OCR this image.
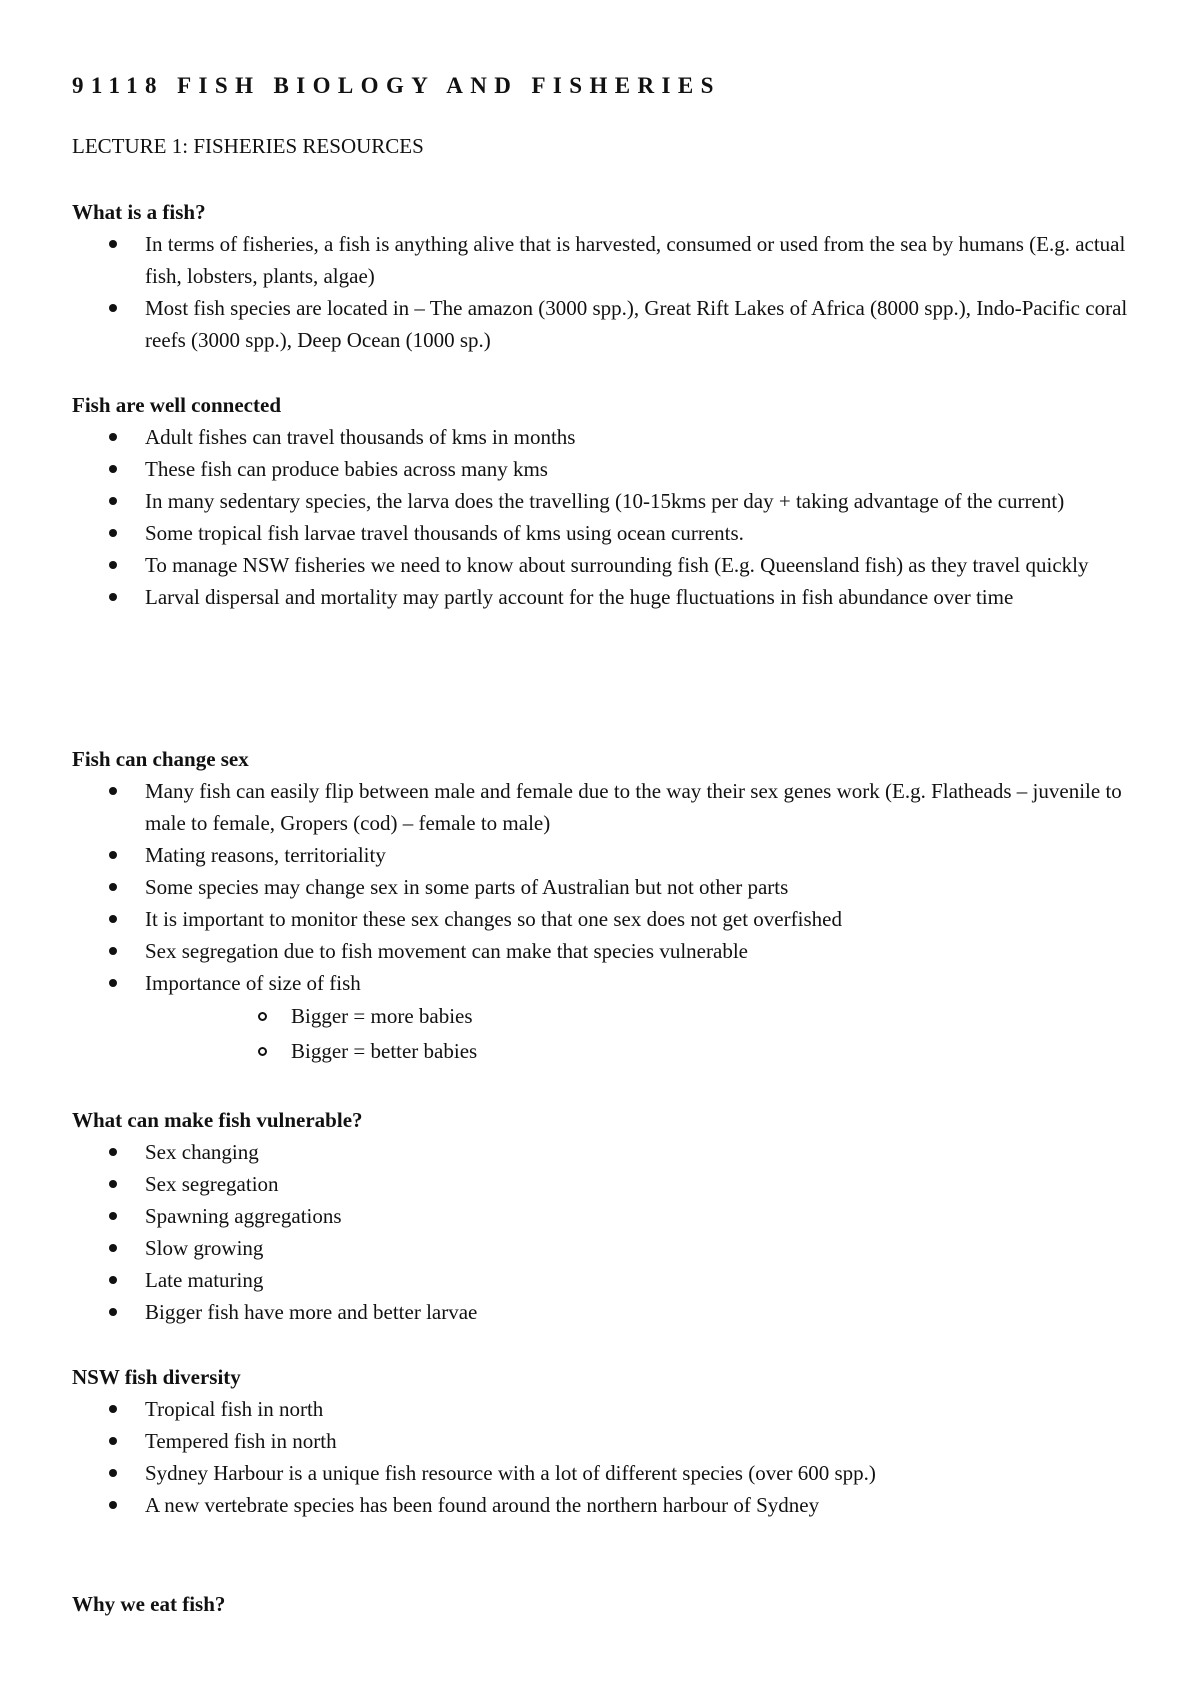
91118 FISH BIOLOGY AND FISHERIES
LECTURE 1: FISHERIES RESOURCES
What is a fish?
In terms of fisheries, a fish is anything alive that is harvested, consumed or used from the sea by humans (E.g. actual fish, lobsters, plants, algae)
Most fish species are located in – The amazon (3000 spp.), Great Rift Lakes of Africa (8000 spp.), Indo-Pacific coral reefs (3000 spp.), Deep Ocean (1000 sp.)
Fish are well connected
Adult fishes can travel thousands of kms in months
These fish can produce babies across many kms
In many sedentary species, the larva does the travelling (10-15kms per day + taking advantage of the current)
Some tropical fish larvae travel thousands of kms using ocean currents.
To manage NSW fisheries we need to know about surrounding fish (E.g. Queensland fish) as they travel quickly
Larval dispersal and mortality may partly account for the huge fluctuations in fish abundance over time
Fish can change sex
Many fish can easily flip between male and female due to the way their sex genes work (E.g. Flatheads – juvenile to male to female, Gropers (cod) – female to male)
Mating reasons, territoriality
Some species may change sex in some parts of Australian but not other parts
It is important to monitor these sex changes so that one sex does not get overfished
Sex segregation due to fish movement can make that species vulnerable
Importance of size of fish
Bigger = more babies
Bigger = better babies
What can make fish vulnerable?
Sex changing
Sex segregation
Spawning aggregations
Slow growing
Late maturing
Bigger fish have more and better larvae
NSW fish diversity
Tropical fish in north
Tempered fish in north
Sydney Harbour is a unique fish resource with a lot of different species (over 600 spp.)
A new vertebrate species has been found around the northern harbour of Sydney
Why we eat fish?
